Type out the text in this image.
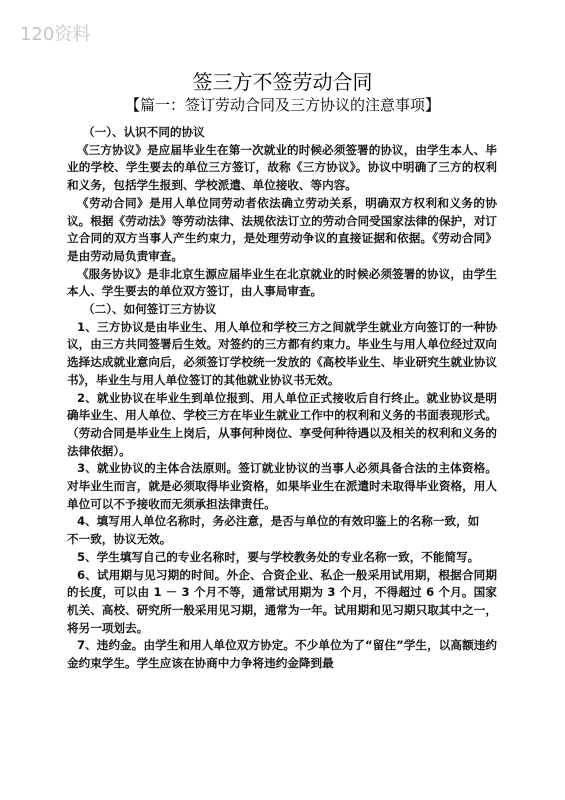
120资料
签三方不签劳动合同
【篇一：签订劳动合同及三方协议的注意事项】

（一）、认识不同的协议

《三方协议》是应届毕业生在第一次就业的时候必须签署的协议，由学生本人、毕业的学校、学生要去的单位三方签订，故称《三方协议》。协议中明确了三方的权利和义务，包括学生报到、学校派遣、单位接收、等内容。

《劳动合同》是用人单位同劳动者依法确立劳动关系，明确双方权利和义务的协议。根据《劳动法》等劳动法律、法规依法订立的劳动合同受国家法律的保护，对订立合同的双方当事人产生约束力，是处理劳动争议的直接证据和依据。《劳动合同》是由劳动局负责审查。

《服务协议》是非北京生源应届毕业生在北京就业的时候必须签署的协议，由学生本人、学生要去的单位双方签订，由人事局审查。

（二）、如何签订三方协议

1、三方协议是由毕业生、用人单位和学校三方之间就学生就业方向签订的一种协议，由三方共同签署后生效。对签约的三方都有约束力。毕业生与用人单位经过双向选择达成就业意向后，必须签订学校统一发放的《高校毕业生、毕业研究生就业协议书》，毕业生与用人单位签订的其他就业协议书无效。

2、就业协议在毕业生到单位报到、用人单位正式接收后自行终止。就业协议是明确毕业生、用人单位、学校三方在毕业生就业工作中的权利和义务的书面表现形式。（劳动合同是毕业生上岗后，从事何种岗位、享受何种待遇以及相关的权利和义务的法律依据）。

3、就业协议的主体合法原则。签订就业协议的当事人必须具备合法的主体资格。对毕业生而言，就是必须取得毕业资格，如果毕业生在派遣时未取得毕业资格，用人单位可以不予接收而无须承担法律责任。

4、填写用人单位名称时，务必注意，是否与单位的有效印鉴上的名称一致，如

不一致，协议无效。

5、学生填写自己的专业名称时，要与学校教务处的专业名称一致，不能简写。

6、试用期与见习期的时间。外企、合资企业、私企一般采用试用期，根据合同期的长度，可以由 1 － 3 个月不等，通常试用期为 3 个月，不得超过 6 个月。国家机关、高校、研究所一般采用见习期，通常为一年。试用期和见习期只取其中之一，将另一项划去。

7、违约金。由学生和用人单位双方协定。不少单位为了“留住”学生，以高额违约金约束学生。学生应该在协商中力争将违约金降到最
